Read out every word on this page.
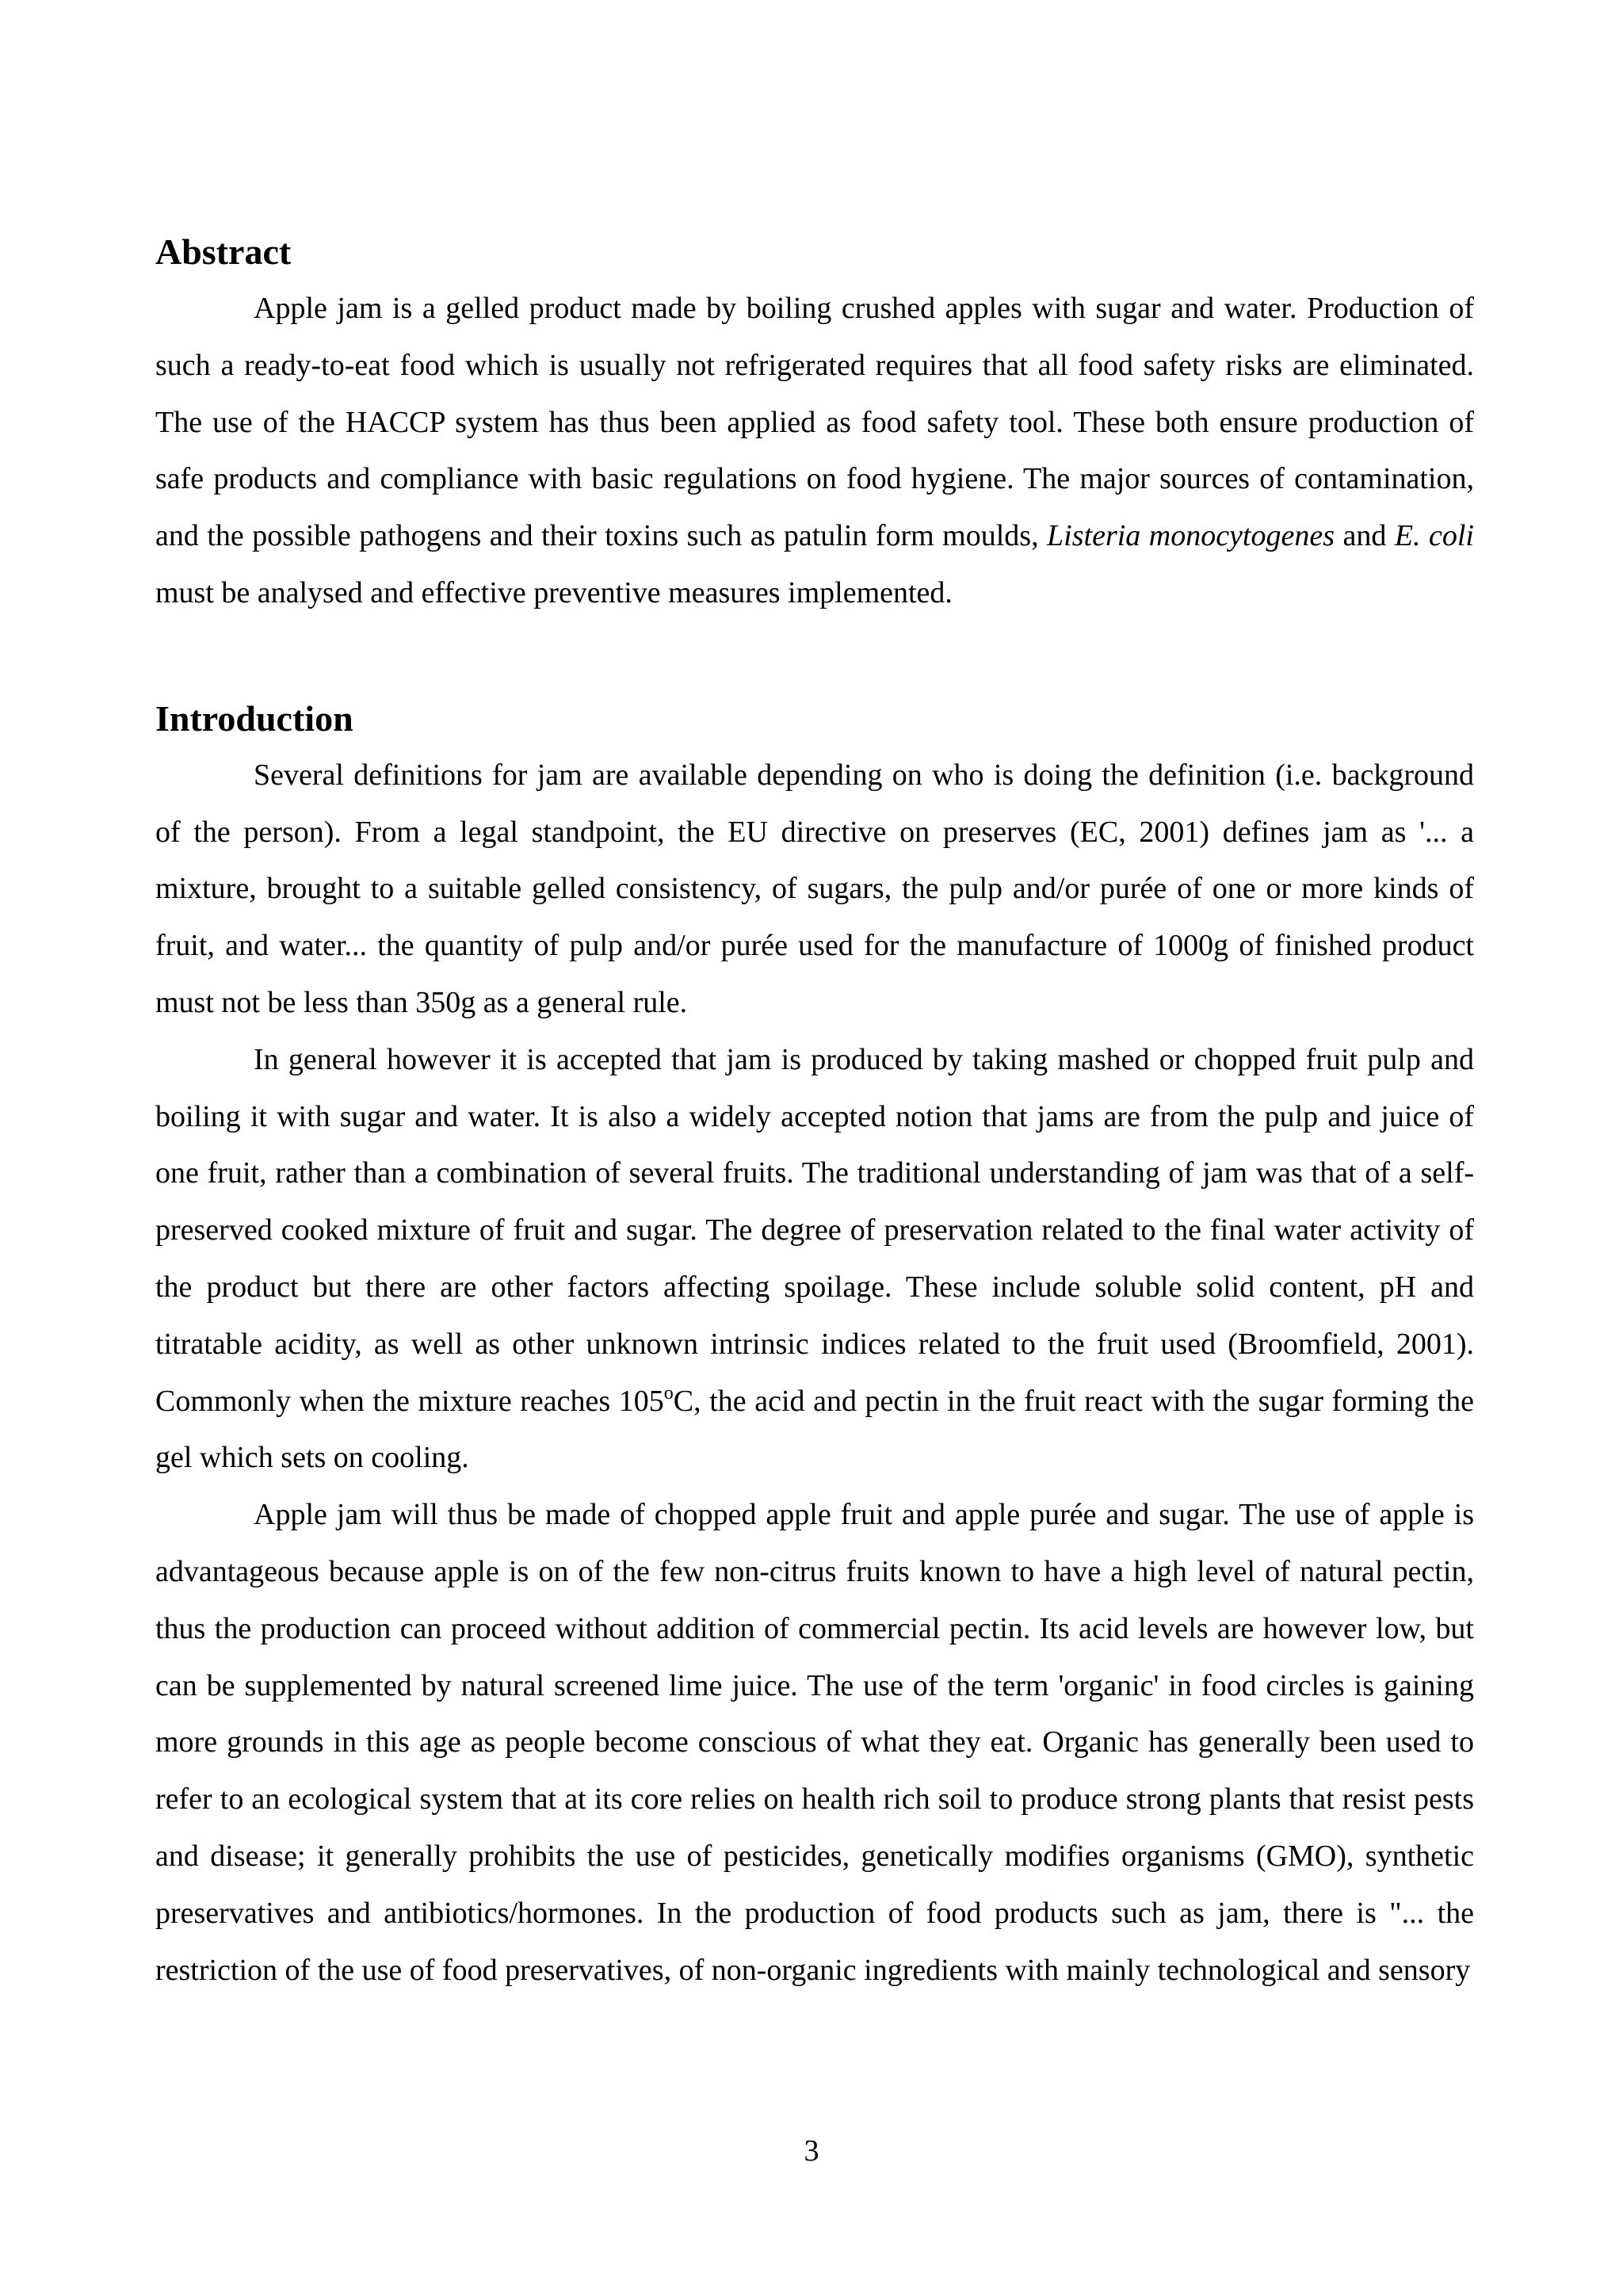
Abstract

Apple jam is a gelled product made by boiling crushed apples with sugar and water. Production of such a ready-to-eat food which is usually not refrigerated requires that all food safety risks are eliminated. The use of the HACCP system has thus been applied as food safety tool. These both ensure production of safe products and compliance with basic regulations on food hygiene. The major sources of contamination, and the possible pathogens and their toxins such as patulin form moulds, Listeria monocytogenes and E. coli must be analysed and effective preventive measures implemented.

Introduction

Several definitions for jam are available depending on who is doing the definition (i.e. background of the person). From a legal standpoint, the EU directive on preserves (EC, 2001) defines jam as '... a mixture, brought to a suitable gelled consistency, of sugars, the pulp and/or purée of one or more kinds of fruit, and water... the quantity of pulp and/or purée used for the manufacture of 1000g of finished product must not be less than 350g as a general rule.

In general however it is accepted that jam is produced by taking mashed or chopped fruit pulp and boiling it with sugar and water. It is also a widely accepted notion that jams are from the pulp and juice of one fruit, rather than a combination of several fruits. The traditional understanding of jam was that of a self-preserved cooked mixture of fruit and sugar. The degree of preservation related to the final water activity of the product but there are other factors affecting spoilage. These include soluble solid content, pH and titratable acidity, as well as other unknown intrinsic indices related to the fruit used (Broomfield, 2001). Commonly when the mixture reaches 105$^o$C, the acid and pectin in the fruit react with the sugar forming the gel which sets on cooling.

Apple jam will thus be made of chopped apple fruit and apple purée and sugar. The use of apple is advantageous because apple is on of the few non-citrus fruits known to have a high level of natural pectin, thus the production can proceed without addition of commercial pectin. Its acid levels are however low, but can be supplemented by natural screened lime juice. The use of the term 'organic' in food circles is gaining more grounds in this age as people become conscious of what they eat. Organic has generally been used to refer to an ecological system that at its core relies on health rich soil to produce strong plants that resist pests and disease; it generally prohibits the use of pesticides, genetically modifies organisms (GMO), synthetic preservatives and antibiotics/hormones. In the production of food products such as jam, there is "... the restriction of the use of food preservatives, of non-organic ingredients with mainly technological and sensory

3
